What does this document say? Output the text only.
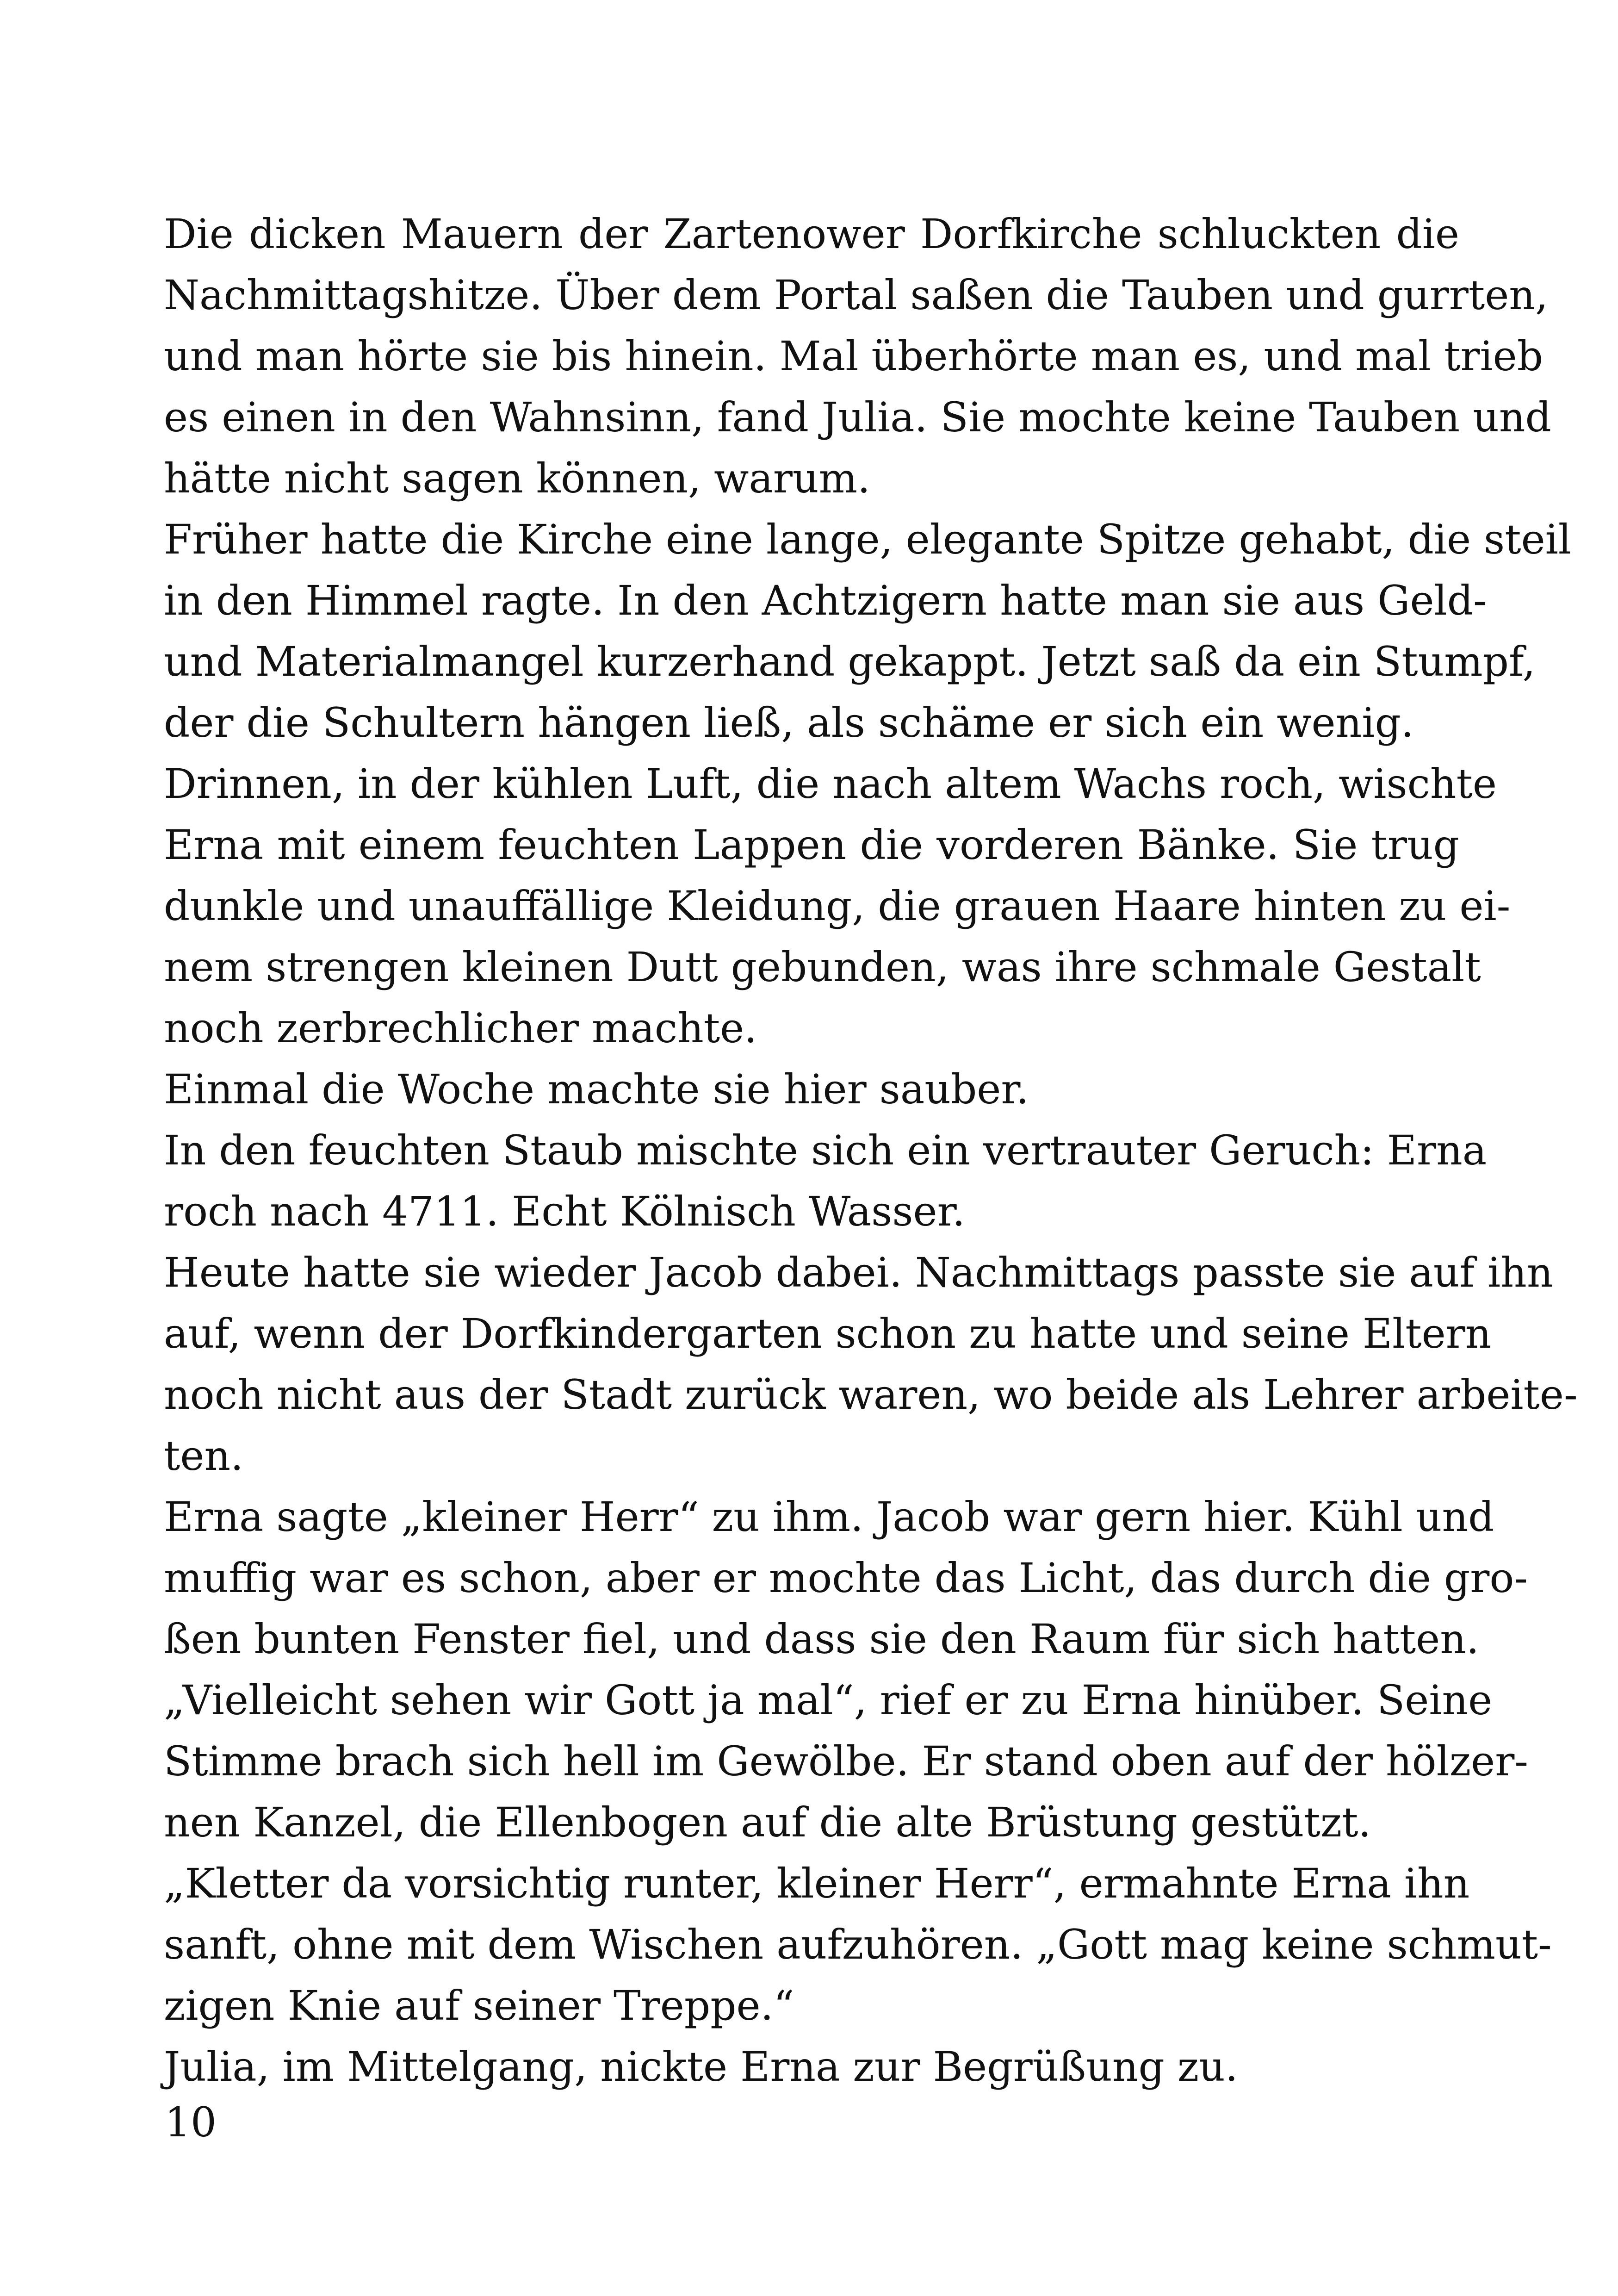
Die dicken Mauern der Zartenower Dorfkirche schluckten die
Nachmittagshitze. Über dem Portal saßen die Tauben und gurrten,
und man hörte sie bis hinein. Mal überhörte man es, und mal trieb
es einen in den Wahnsinn, fand Julia. Sie mochte keine Tauben und
hätte nicht sagen können, warum.
Früher hatte die Kirche eine lange, elegante Spitze gehabt, die steil
in den Himmel ragte. In den Achtzigern hatte man sie aus Geld-
und Materialmangel kurzerhand gekappt. Jetzt saß da ein Stumpf,
der die Schultern hängen ließ, als schäme er sich ein wenig.
Drinnen, in der kühlen Luft, die nach altem Wachs roch, wischte
Erna mit einem feuchten Lappen die vorderen Bänke. Sie trug
dunkle und unauffällige Kleidung, die grauen Haare hinten zu ei-
nem strengen kleinen Dutt gebunden, was ihre schmale Gestalt
noch zerbrechlicher machte.
Einmal die Woche machte sie hier sauber.
In den feuchten Staub mischte sich ein vertrauter Geruch: Erna
roch nach 4711. Echt Kölnisch Wasser.
Heute hatte sie wieder Jacob dabei. Nachmittags passte sie auf ihn
auf, wenn der Dorfkindergarten schon zu hatte und seine Eltern
noch nicht aus der Stadt zurück waren, wo beide als Lehrer arbeite-
ten.
Erna sagte „kleiner Herr“ zu ihm. Jacob war gern hier. Kühl und
muffig war es schon, aber er mochte das Licht, das durch die gro-
ßen bunten Fenster fiel, und dass sie den Raum für sich hatten.
„Vielleicht sehen wir Gott ja mal“, rief er zu Erna hinüber. Seine
Stimme brach sich hell im Gewölbe. Er stand oben auf der hölzer-
nen Kanzel, die Ellenbogen auf die alte Brüstung gestützt.
„Kletter da vorsichtig runter, kleiner Herr“, ermahnte Erna ihn
sanft, ohne mit dem Wischen aufzuhören. „Gott mag keine schmut-
zigen Knie auf seiner Treppe.“
Julia, im Mittelgang, nickte Erna zur Begrüßung zu.
10
